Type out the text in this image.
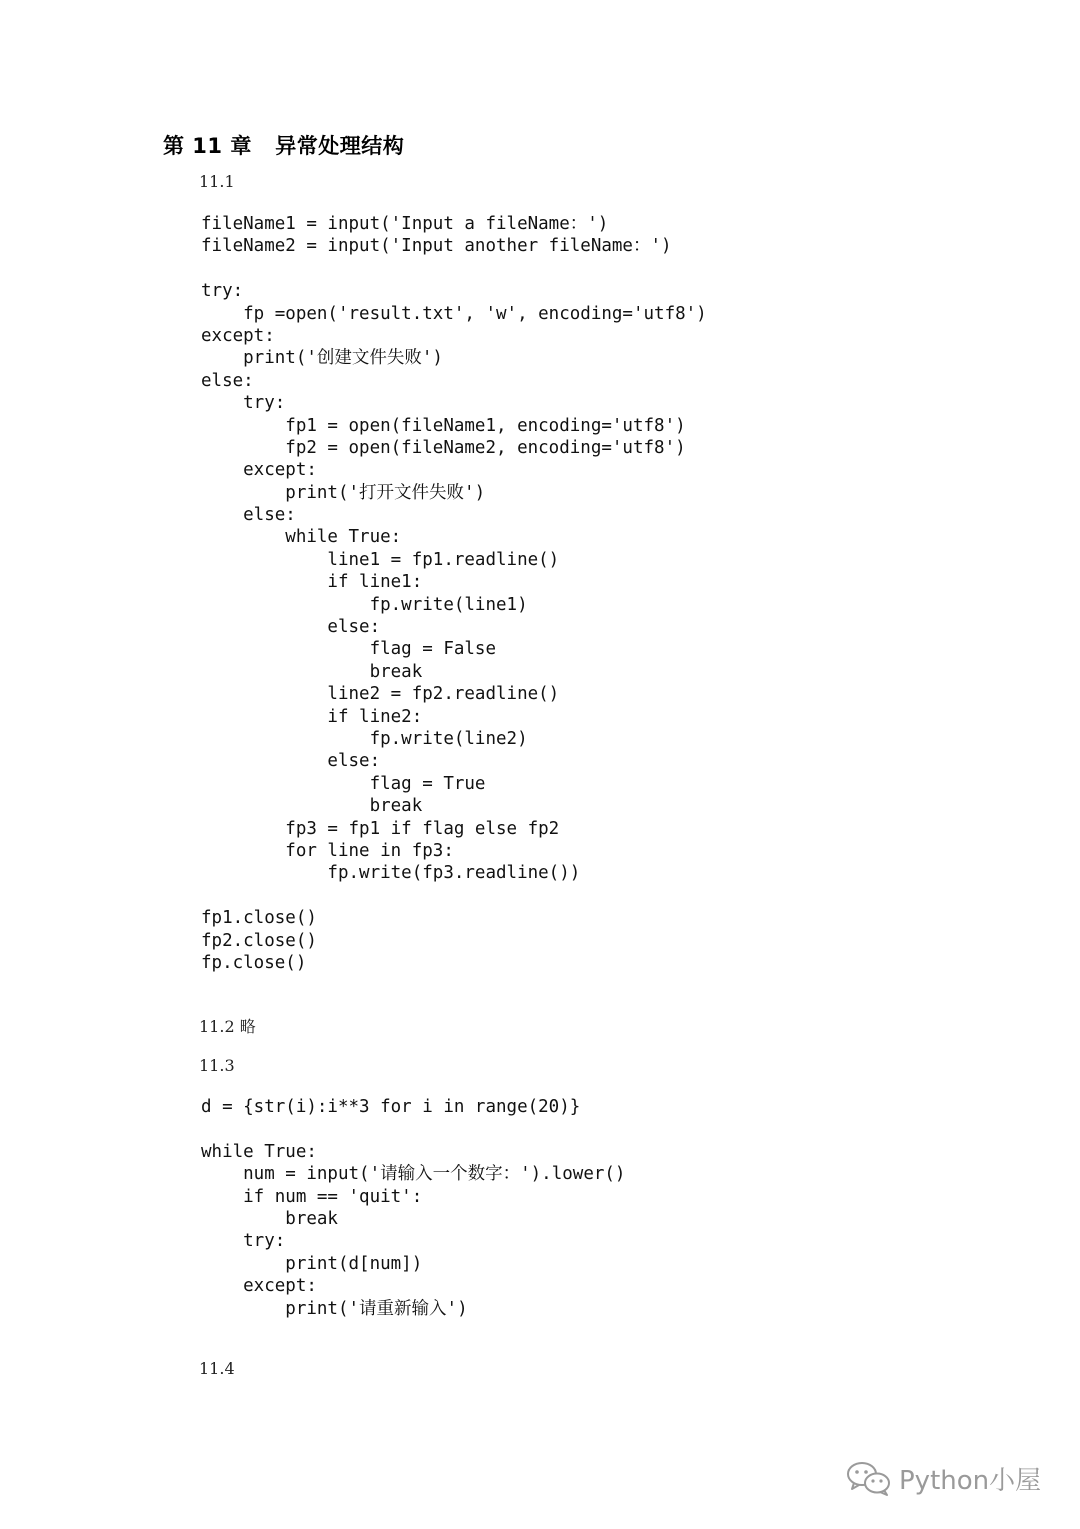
第 11 章   异常处理结构
11.1
fileName1 = input('Input a fileName：')
fileName2 = input('Input another fileName：')
try:
fp =open('result.txt', 'w', encoding='utf8')
except:
print('创建文件失败')
else:
try:
fp1 = open(fileName1, encoding='utf8')
fp2 = open(fileName2, encoding='utf8')
except:
print('打开文件失败')
else:
while True:
line1 = fp1.readline()
if line1:
fp.write(line1)
else:
flag = False
break
line2 = fp2.readline()
if line2:
fp.write(line2)
else:
flag = True
break
fp3 = fp1 if flag else fp2
for line in fp3:
fp.write(fp3.readline())
fp1.close()
fp2.close()
fp.close()
11.2 略
11.3
d = {str(i):i**3 for i in range(20)}
while True:
num = input('请输入一个数字：').lower()
if num == 'quit':
break
try:
print(d[num])
except:
print('请重新输入')
11.4
Python小屋
